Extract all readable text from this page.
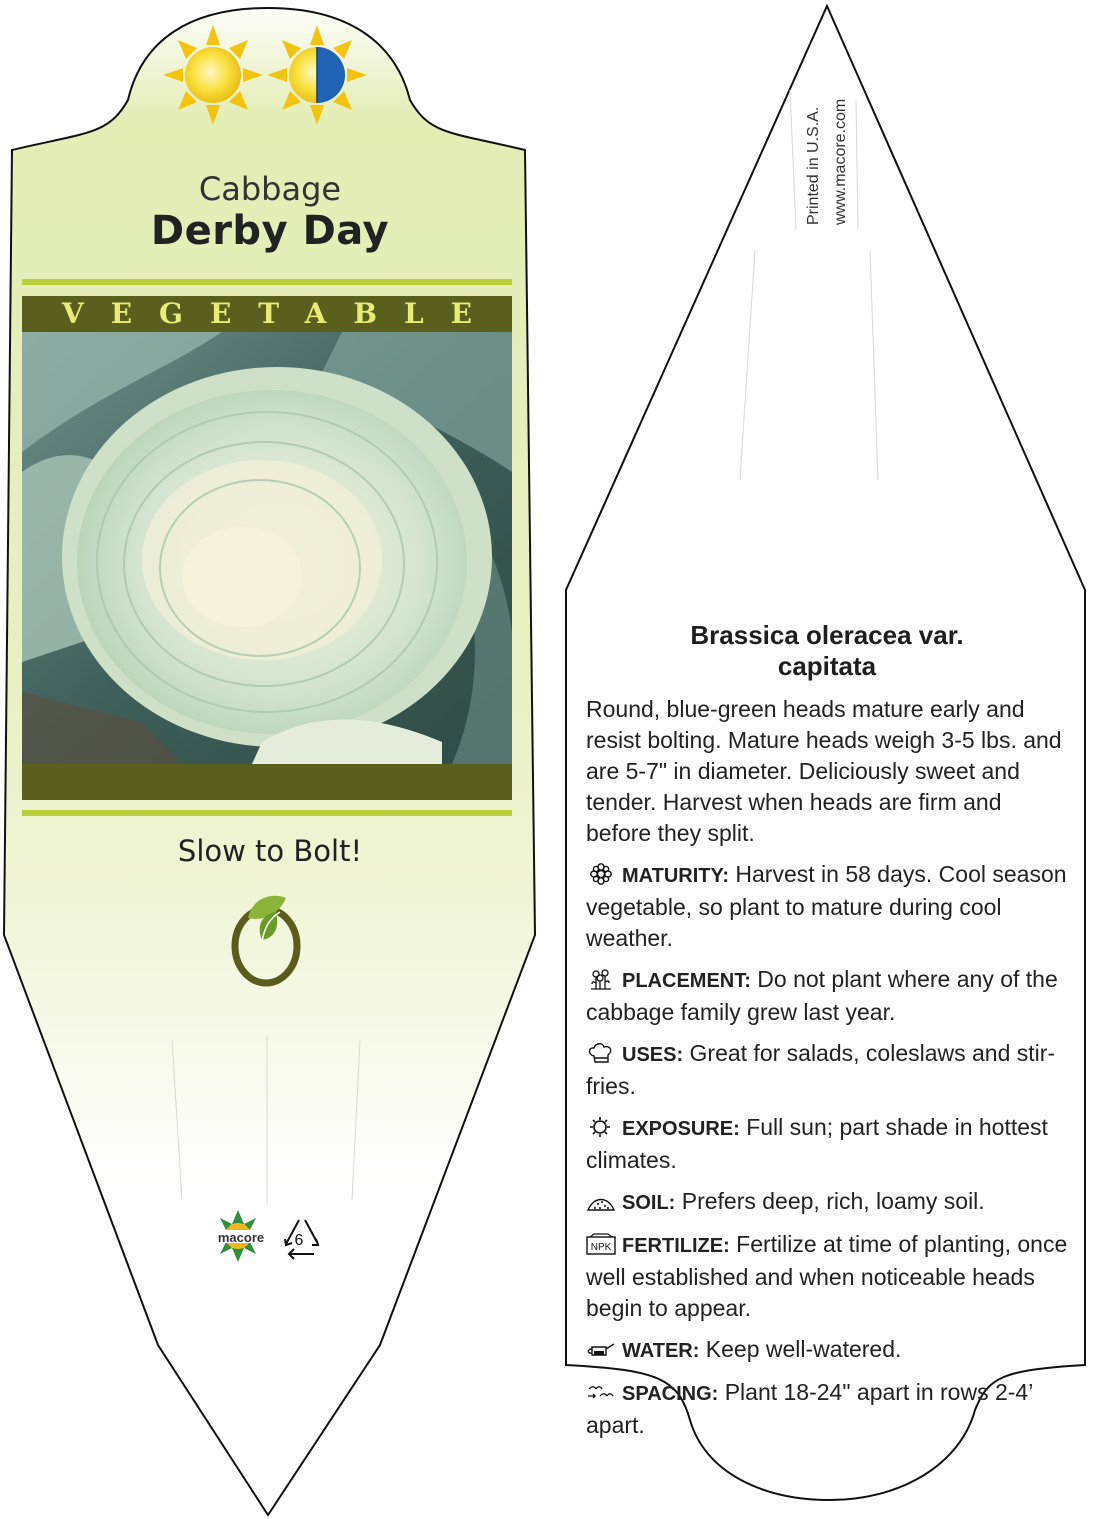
Cabbage
Derby Day
VEGETABLE
Slow to Bolt!
macore	6
Printed in U.S.A. www.macore.com
Brassica oleracea var.
capitata
Round, blue-green heads mature early and resist bolting. Mature heads weigh 3-5 lbs. and are 5-7" in diameter. Deliciously sweet and tender. Harvest when heads are firm and before they split.
MATURITY: Harvest in 58 days. Cool season vegetable, so plant to mature during cool weather.
PLACEMENT: Do not plant where any of the cabbage family grew last year.
USES: Great for salads, coleslaws and stir-fries.
EXPOSURE: Full sun; part shade in hottest climates.
SOIL: Prefers deep, rich, loamy soil.
NPK FERTILIZE: Fertilize at time of planting, once well established and when noticeable heads begin to appear.
WATER: Keep well-watered.
SPACING: Plant 18-24" apart in rows 2-4’ apart.
